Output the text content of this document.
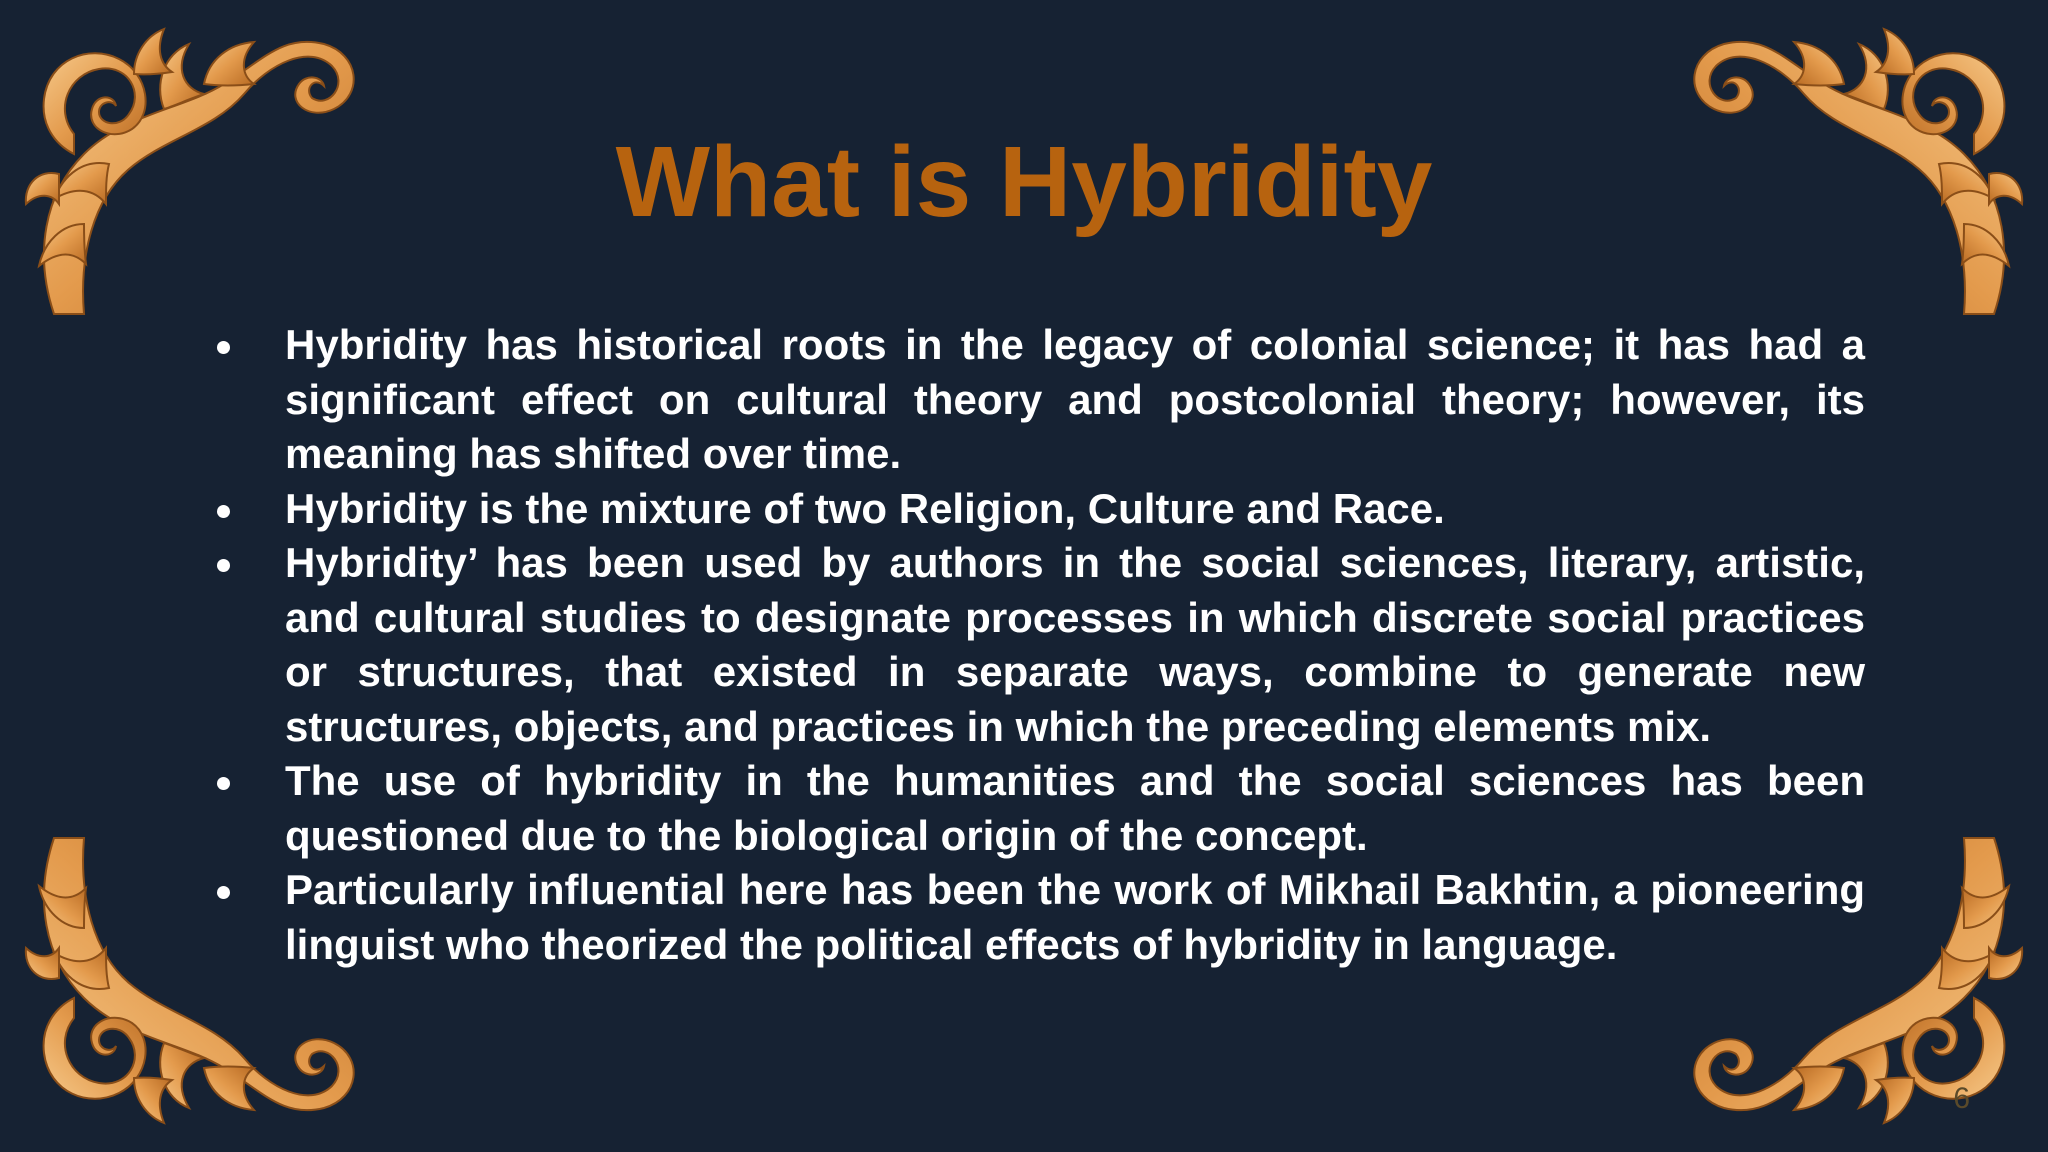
What is Hybridity
Hybridity has historical roots in the legacy of colonial science; it has had a significant effect on cultural theory and postcolonial theory; however, its meaning has shifted over time.
Hybridity is the mixture of two Religion, Culture and Race.
Hybridity’ has been used by authors in the social sciences, literary, artistic, and cultural studies to designate processes in which discrete social practices or structures, that existed in separate ways, combine to generate new structures, objects, and practices in which the preceding elements mix.
The use of hybridity in the humanities and the social sciences has been questioned due to the biological origin of the concept.
Particularly influential here has been the work of Mikhail Bakhtin, a pioneering linguist who theorized the political effects of hybridity in language.
6
